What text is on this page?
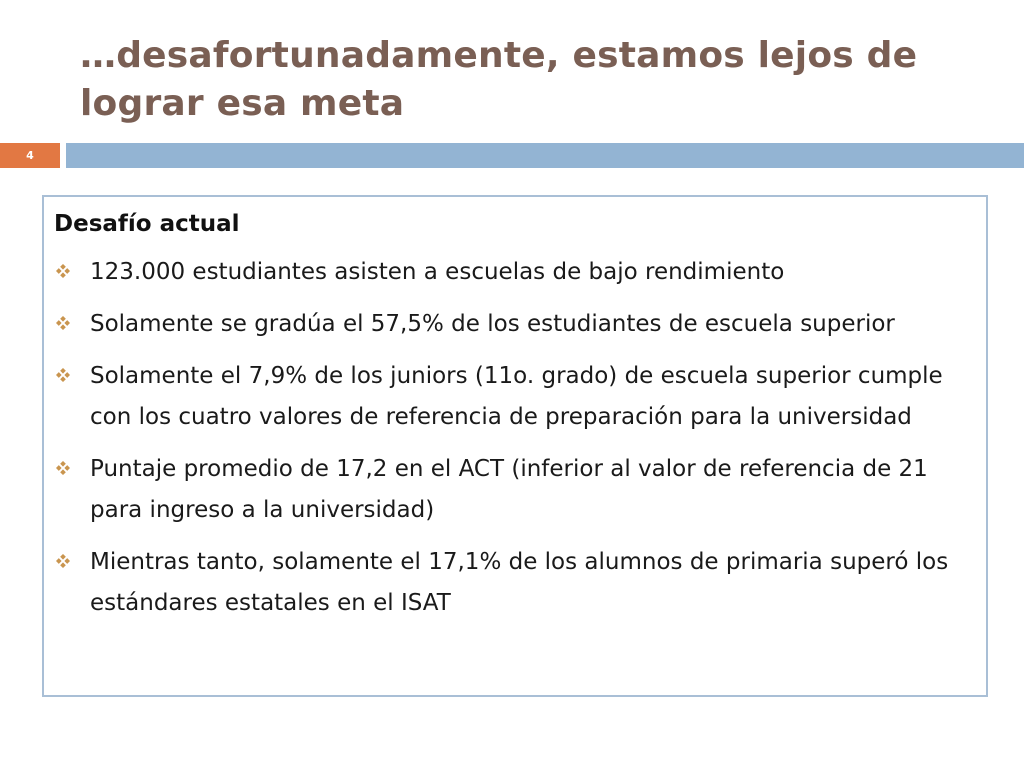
…desafortunadamente, estamos lejos de lograr esa meta
4
Desafío actual
123.000 estudiantes asisten a escuelas de bajo rendimiento
Solamente se gradúa el 57,5% de los estudiantes de escuela superior
Solamente el 7,9% de los juniors (11o. grado) de escuela superior cumple con los cuatro valores de referencia de preparación para la universidad
Puntaje promedio de 17,2 en el ACT (inferior al valor de referencia de 21 para ingreso a la universidad)
Mientras tanto, solamente el 17,1% de los alumnos de primaria superó los estándares estatales en el ISAT
